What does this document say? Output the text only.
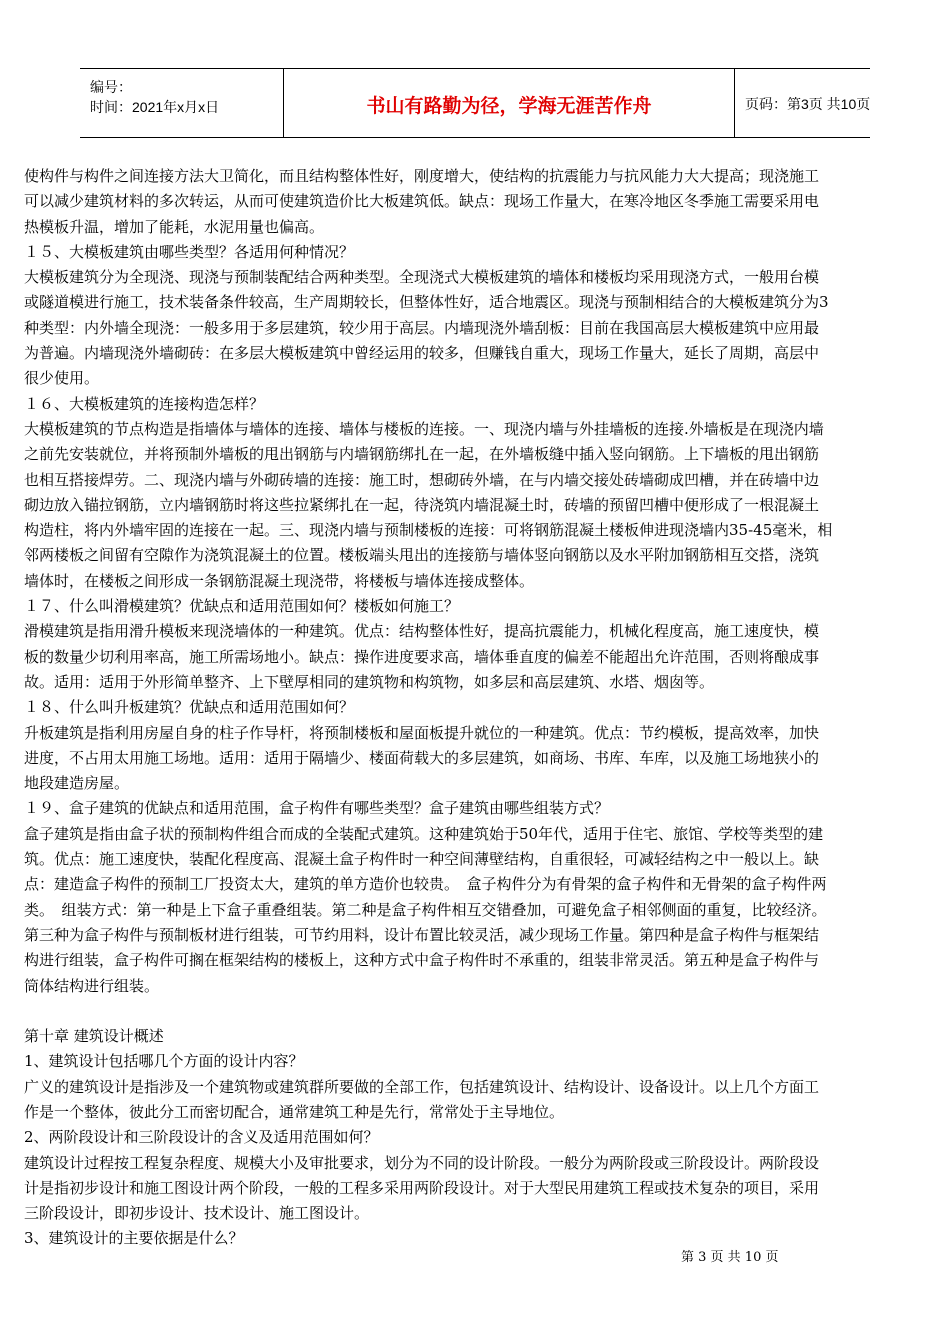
编号：
时间：2021年x月x日	书山有路勤为径，学海无涯苦作舟	页码：第3页 共10页
使构件与构件之间连接方法大卫简化，而且结构整体性好，刚度增大，使结构的抗震能力与抗风能力大大提高；现浇施工
可以减少建筑材料的多次转运，从而可使建筑造价比大板建筑低。缺点：现场工作量大，在寒冷地区冬季施工需要采用电
热模板升温，增加了能耗，水泥用量也偏高。
１５、大模板建筑由哪些类型？各适用何种情况？
大模板建筑分为全现浇、现浇与预制装配结合两种类型。全现浇式大模板建筑的墙体和楼板均采用现浇方式，一般用台模
或隧道模进行施工，技术装备条件较高，生产周期较长，但整体性好，适合地震区。现浇与预制相结合的大模板建筑分为3
种类型：内外墙全现浇：一般多用于多层建筑，较少用于高层。内墙现浇外墙刮板：目前在我国高层大模板建筑中应用最
为普遍。内墙现浇外墙砌砖：在多层大模板建筑中曾经运用的较多，但赚钱自重大，现场工作量大，延长了周期，高层中
很少使用。
１６、大模板建筑的连接构造怎样？
大模板建筑的节点构造是指墙体与墙体的连接、墙体与楼板的连接。一、现浇内墙与外挂墙板的连接.外墙板是在现浇内墙
之前先安装就位，并将预制外墙板的甩出钢筋与内墙钢筋绑扎在一起，在外墙板缝中插入竖向钢筋。上下墙板的甩出钢筋
也相互搭接焊劳。二、现浇内墙与外砌砖墙的连接：施工时，想砌砖外墙，在与内墙交接处砖墙砌成凹槽，并在砖墙中边
砌边放入锚拉钢筋，立内墙钢筋时将这些拉紧绑扎在一起，待浇筑内墙混凝土时，砖墙的预留凹槽中便形成了一根混凝土
构造柱，将内外墙牢固的连接在一起。三、现浇内墙与预制楼板的连接：可将钢筋混凝土楼板伸进现浇墙内35-45毫米，相
邻两楼板之间留有空隙作为浇筑混凝土的位置。楼板端头甩出的连接筋与墙体竖向钢筋以及水平附加钢筋相互交搭，浇筑
墙体时，在楼板之间形成一条钢筋混凝土现浇带，将楼板与墙体连接成整体。
１７、什么叫滑模建筑？优缺点和适用范围如何？楼板如何施工？
滑模建筑是指用滑升模板来现浇墙体的一种建筑。优点：结构整体性好，提高抗震能力，机械化程度高，施工速度快，模
板的数量少切利用率高，施工所需场地小。缺点：操作进度要求高，墙体垂直度的偏差不能超出允许范围，否则将酿成事
故。适用：适用于外形简单整齐、上下壁厚相同的建筑物和构筑物，如多层和高层建筑、水塔、烟囱等。
１８、什么叫升板建筑？优缺点和适用范围如何？
升板建筑是指利用房屋自身的柱子作导杆，将预制楼板和屋面板提升就位的一种建筑。优点：节约模板，提高效率，加快
进度，不占用太用施工场地。适用：适用于隔墙少、楼面荷载大的多层建筑，如商场、书库、车库，以及施工场地狭小的
地段建造房屋。
１９、盒子建筑的优缺点和适用范围，盒子构件有哪些类型？盒子建筑由哪些组装方式？
盒子建筑是指由盒子状的预制构件组合而成的全装配式建筑。这种建筑始于50年代，适用于住宅、旅馆、学校等类型的建
筑。优点：施工速度快，装配化程度高、混凝土盒子构件时一种空间薄壁结构，自重很轻，可减轻结构之中一般以上。缺
点：建造盒子构件的预制工厂投资太大，建筑的单方造价也较贵。　盒子构件分为有骨架的盒子构件和无骨架的盒子构件两
类。　组装方式：第一种是上下盒子重叠组装。第二种是盒子构件相互交错叠加，可避免盒子相邻侧面的重复，比较经济。
第三种为盒子构件与预制板材进行组装，可节约用料，设计布置比较灵活，减少现场工作量。第四种是盒子构件与框架结
构进行组装，盒子构件可搁在框架结构的楼板上，这种方式中盒子构件时不承重的，组装非常灵活。第五种是盒子构件与
筒体结构进行组装。
第十章 建筑设计概述
1、建筑设计包括哪几个方面的设计内容？
广义的建筑设计是指涉及一个建筑物或建筑群所要做的全部工作，包括建筑设计、结构设计、设备设计。以上几个方面工
作是一个整体，彼此分工而密切配合，通常建筑工种是先行，常常处于主导地位。
2、两阶段设计和三阶段设计的含义及适用范围如何？
建筑设计过程按工程复杂程度、规模大小及审批要求，划分为不同的设计阶段。一般分为两阶段或三阶段设计。两阶段设
计是指初步设计和施工图设计两个阶段，一般的工程多采用两阶段设计。对于大型民用建筑工程或技术复杂的项目，采用
三阶段设计，即初步设计、技术设计、施工图设计。
3、建筑设计的主要依据是什么？
第 3 页 共 10 页
